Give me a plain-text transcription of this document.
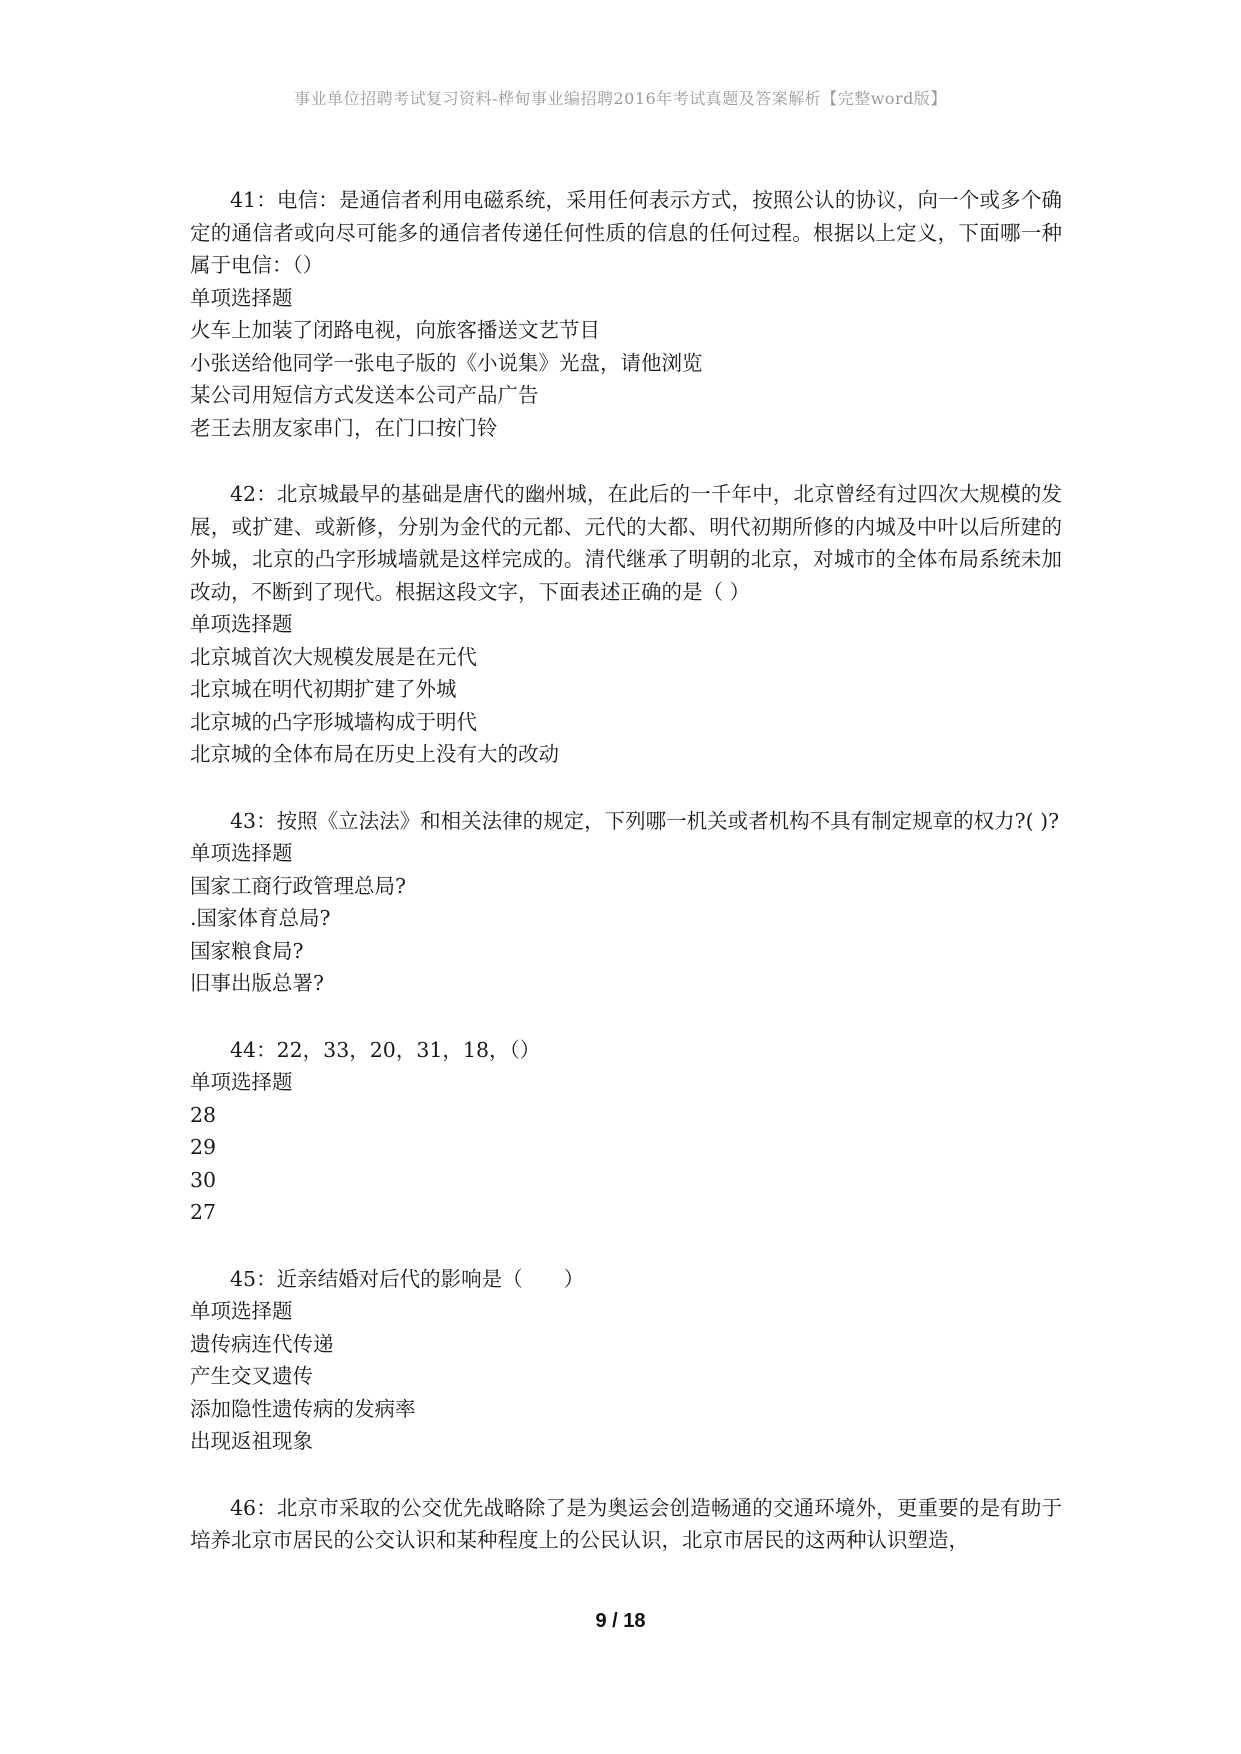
事业单位招聘考试复习资料-桦甸事业编招聘2016年考试真题及答案解析【完整word版】

41：电信：是通信者利用电磁系统，采用任何表示方式，按照公认的协议，向一个或多个确定的通信者或向尽可能多的通信者传递任何性质的信息的任何过程。根据以上定义，下面哪一种属于电信：（）

单项选择题

火车上加装了闭路电视，向旅客播送文艺节目

小张送给他同学一张电子版的《小说集》光盘，请他浏览

某公司用短信方式发送本公司产品广告

老王去朋友家串门，在门口按门铃

42：北京城最早的基础是唐代的幽州城，在此后的一千年中，北京曾经有过四次大规模的发展，或扩建、或新修，分别为金代的元都、元代的大都、明代初期所修的内城及中叶以后所建的外城，北京的凸字形城墙就是这样完成的。清代继承了明朝的北京，对城市的全体布局系统未加改动，不断到了现代。根据这段文字，下面表述正确的是（ ）

单项选择题

北京城首次大规模发展是在元代

北京城在明代初期扩建了外城

北京城的凸字形城墙构成于明代

北京城的全体布局在历史上没有大的改动

43：按照《立法法》和相关法律的规定，下列哪一机关或者机构不具有制定规章的权力?( )?

单项选择题

国家工商行政管理总局?

.国家体育总局?

国家粮食局?

旧事出版总署?

44：22，33，20，31，18，（）

单项选择题

28

29

30

27

45：近亲结婚对后代的影响是（　　）

单项选择题

遗传病连代传递

产生交叉遗传

添加隐性遗传病的发病率

出现返祖现象

46：北京市采取的公交优先战略除了是为奥运会创造畅通的交通环境外，更重要的是有助于培养北京市居民的公交认识和某种程度上的公民认识，北京市居民的这两种认识塑造，

9 / 18
